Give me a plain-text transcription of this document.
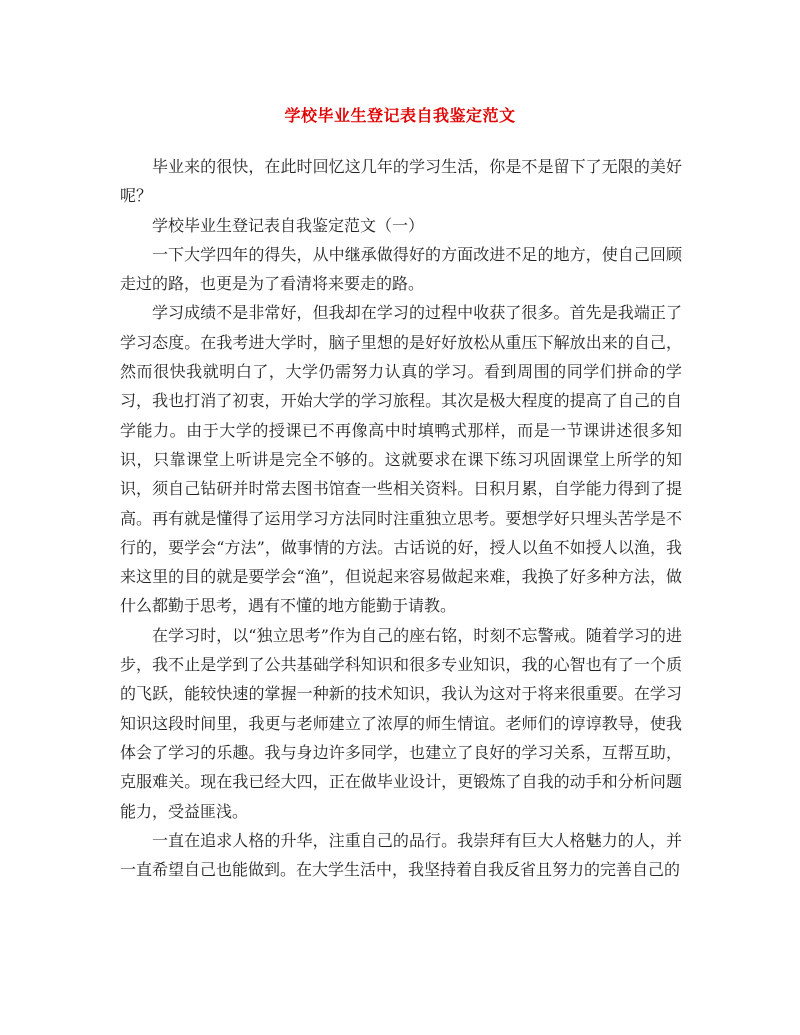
学校毕业生登记表自我鉴定范文

毕业来的很快，在此时回忆这几年的学习生活，你是不是留下了无限的美好呢？

学校毕业生登记表自我鉴定范文（一）

一下大学四年的得失，从中继承做得好的方面改进不足的地方，使自己回顾走过的路，也更是为了看清将来要走的路。

学习成绩不是非常好，但我却在学习的过程中收获了很多。首先是我端正了学习态度。在我考进大学时，脑子里想的是好好放松从重压下解放出来的自己，然而很快我就明白了，大学仍需努力认真的学习。看到周围的同学们拼命的学习，我也打消了初衷，开始大学的学习旅程。其次是极大程度的提高了自己的自学能力。由于大学的授课已不再像高中时填鸭式那样，而是一节课讲述很多知识，只靠课堂上听讲是完全不够的。这就要求在课下练习巩固课堂上所学的知识，须自己钻研并时常去图书馆查一些相关资料。日积月累，自学能力得到了提高。再有就是懂得了运用学习方法同时注重独立思考。要想学好只埋头苦学是不行的，要学会“方法”，做事情的方法。古话说的好，授人以鱼不如授人以渔，我来这里的目的就是要学会“渔”，但说起来容易做起来难，我换了好多种方法，做什么都勤于思考，遇有不懂的地方能勤于请教。

在学习时，以“独立思考”作为自己的座右铭，时刻不忘警戒。随着学习的进步，我不止是学到了公共基础学科知识和很多专业知识，我的心智也有了一个质的飞跃，能较快速的掌握一种新的技术知识，我认为这对于将来很重要。在学习知识这段时间里，我更与老师建立了浓厚的师生情谊。老师们的谆谆教导，使我体会了学习的乐趣。我与身边许多同学，也建立了良好的学习关系，互帮互助，克服难关。现在我已经大四，正在做毕业设计，更锻炼了自我的动手和分析问题能力，受益匪浅。

一直在追求人格的升华，注重自己的品行。我崇拜有巨大人格魅力的人，并一直希望自己也能做到。在大学生活中，我坚持着自我反省且努力的完善自己的
